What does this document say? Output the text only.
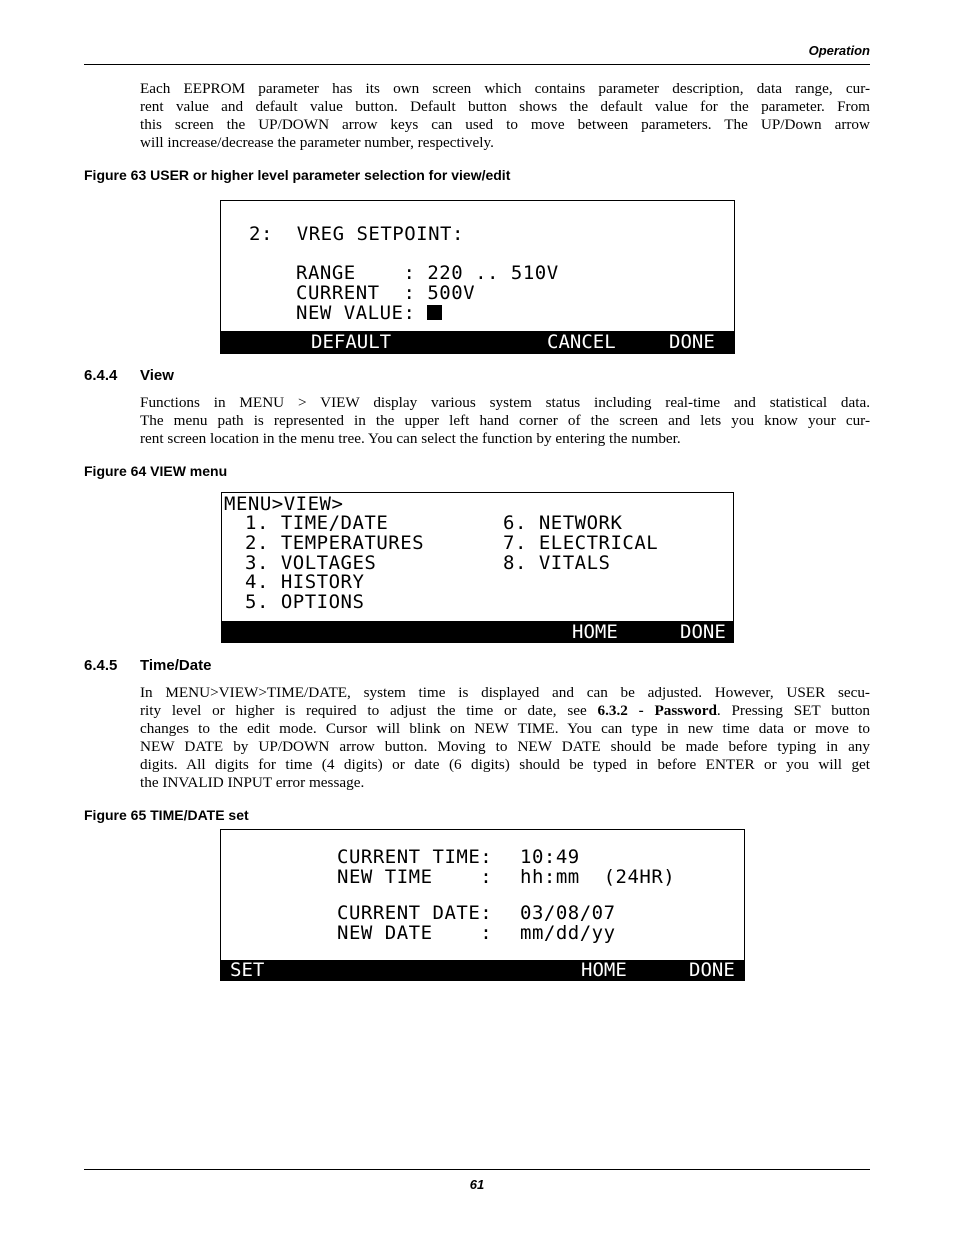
Operation
Each EEPROM parameter has its own screen which contains parameter description, data range, cur-
rent value and default value button. Default button shows the default value for the parameter. From
this screen the UP/DOWN arrow keys can used to move between parameters. The UP/Down arrow
will increase/decrease the parameter number, respectively.
Figure 63 USER or higher level parameter selection for view/edit
2:  VREG SETPOINT:
RANGE    : 220 .. 510V
CURRENT  : 500V
NEW VALUE:
DEFAULT	CANCEL	DONE
6.4.4 View
Functions in MENU > VIEW display various system status including real-time and statistical data.
The menu path is represented in the upper left hand corner of the screen and lets you know your cur-
rent screen location in the menu tree. You can select the function by entering the number.
Figure 64 VIEW menu
MENU>VIEW>
1. TIME/DATE
2. TEMPERATURES
3. VOLTAGES
4. HISTORY
5. OPTIONS
6. NETWORK
7. ELECTRICAL
8. VITALS
HOME	DONE
6.4.5 Time/Date
In MENU>VIEW>TIME/DATE, system time is displayed and can be adjusted. However, USER secu-
rity level or higher is required to adjust the time or date, see 6.3.2 - Password. Pressing SET button
changes to the edit mode. Cursor will blink on NEW TIME. You can type in new time data or move to
NEW DATE by UP/DOWN arrow button. Moving to NEW DATE should be made before typing in any
digits. All digits for time (4 digits) or date (6 digits) should be typed in before ENTER or you will get
the INVALID INPUT error message.
Figure 65 TIME/DATE set
CURRENT TIME: 10:49
NEW TIME    : hh:mm  (24HR)
CURRENT DATE: 03/08/07
NEW DATE    : mm/dd/yy
SET	HOME	DONE
61
